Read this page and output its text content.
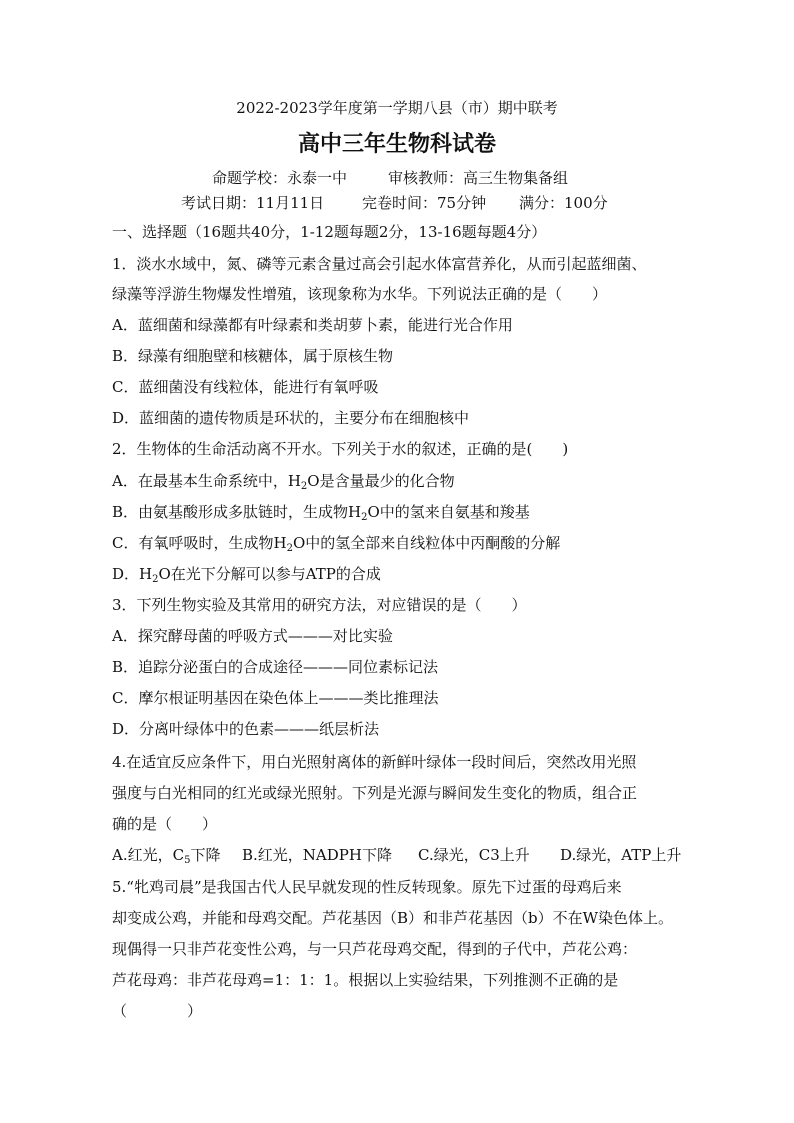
2022-2023学年度第一学期八县（市）期中联考
高中三年生物科试卷
命题学校：永泰一中	审核教师：高三生物集备组
考试日期：11月11日	完卷时间：75分钟 满分：100分
一、选择题（16题共40分，1-12题每题2分，13-16题每题4分）
1．淡水水域中，氮、磷等元素含量过高会引起水体富营养化，从而引起蓝细菌、
绿藻等浮游生物爆发性增殖，该现象称为水华。下列说法正确的是（　　）
A．蓝细菌和绿藻都有叶绿素和类胡萝卜素，能进行光合作用
B．绿藻有细胞壁和核糖体，属于原核生物
C．蓝细菌没有线粒体，能进行有氧呼吸
D．蓝细菌的遗传物质是环状的，主要分布在细胞核中
2．生物体的生命活动离不开水。下列关于水的叙述，正确的是(　　)
A．在最基本生命系统中，$H_2O$是含量最少的化合物
B．由氨基酸形成多肽链时，生成物$H_2O$中的氢来自氨基和羧基
C．有氧呼吸时，生成物$H_2O$中的氢全部来自线粒体中丙酮酸的分解
D．$H_2O$在光下分解可以参与ATP的合成
3．下列生物实验及其常用的研究方法，对应错误的是（　　）
A．探究酵母菌的呼吸方式———对比实验
B．追踪分泌蛋白的合成途径———同位素标记法
C．摩尔根证明基因在染色体上———类比推理法
D．分离叶绿体中的色素———纸层析法
4.在适宜反应条件下，用白光照射离体的新鲜叶绿体一段时间后，突然改用光照
强度与白光相同的红光或绿光照射。下列是光源与瞬间发生变化的物质，组合正
确的是（　　）
A.红光，$C_5$下降 B.红光，NADPH下降 C.绿光，C3上升 D.绿光，ATP上升
5.“牝鸡司晨”是我国古代人民早就发现的性反转现象。原先下过蛋的母鸡后来
却变成公鸡，并能和母鸡交配。芦花基因（B）和非芦花基因（b）不在W染色体上。
现偶得一只非芦花变性公鸡，与一只芦花母鸡交配，得到的子代中，芦花公鸡：
芦花母鸡：非芦花母鸡=1：1：1。根据以上实验结果，下列推测不正确的是
（　　　　）
